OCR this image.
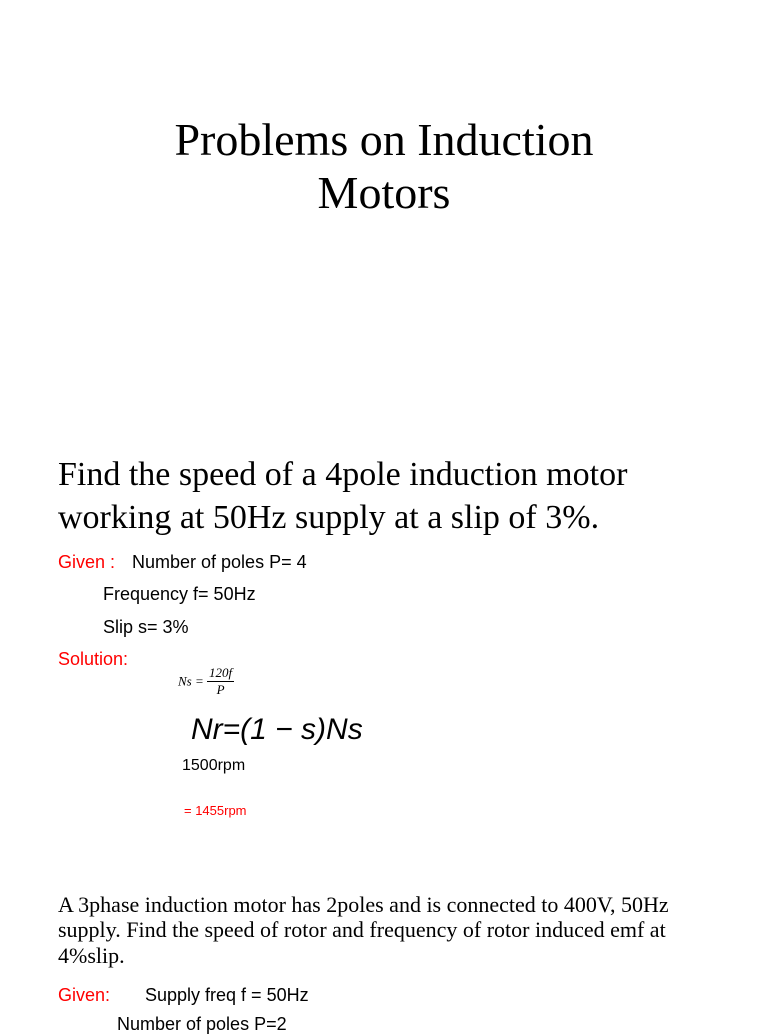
Problems on Induction
Motors
Find the speed of a 4pole induction motor
working at 50Hz supply at a slip of 3%.
Given : Number of poles P= 4
Frequency f= 50Hz
Slip s= 3%
Solution:
$Ns = \frac{120f}{P}$
Nr=(1 − s)Ns
1500rpm
= 1455rpm
A 3phase induction motor has 2poles and is connected to 400V, 50Hz
supply. Find the speed of rotor and frequency of rotor induced emf at
4%slip.
Given: Supply freq f = 50Hz
Number of poles P=2
